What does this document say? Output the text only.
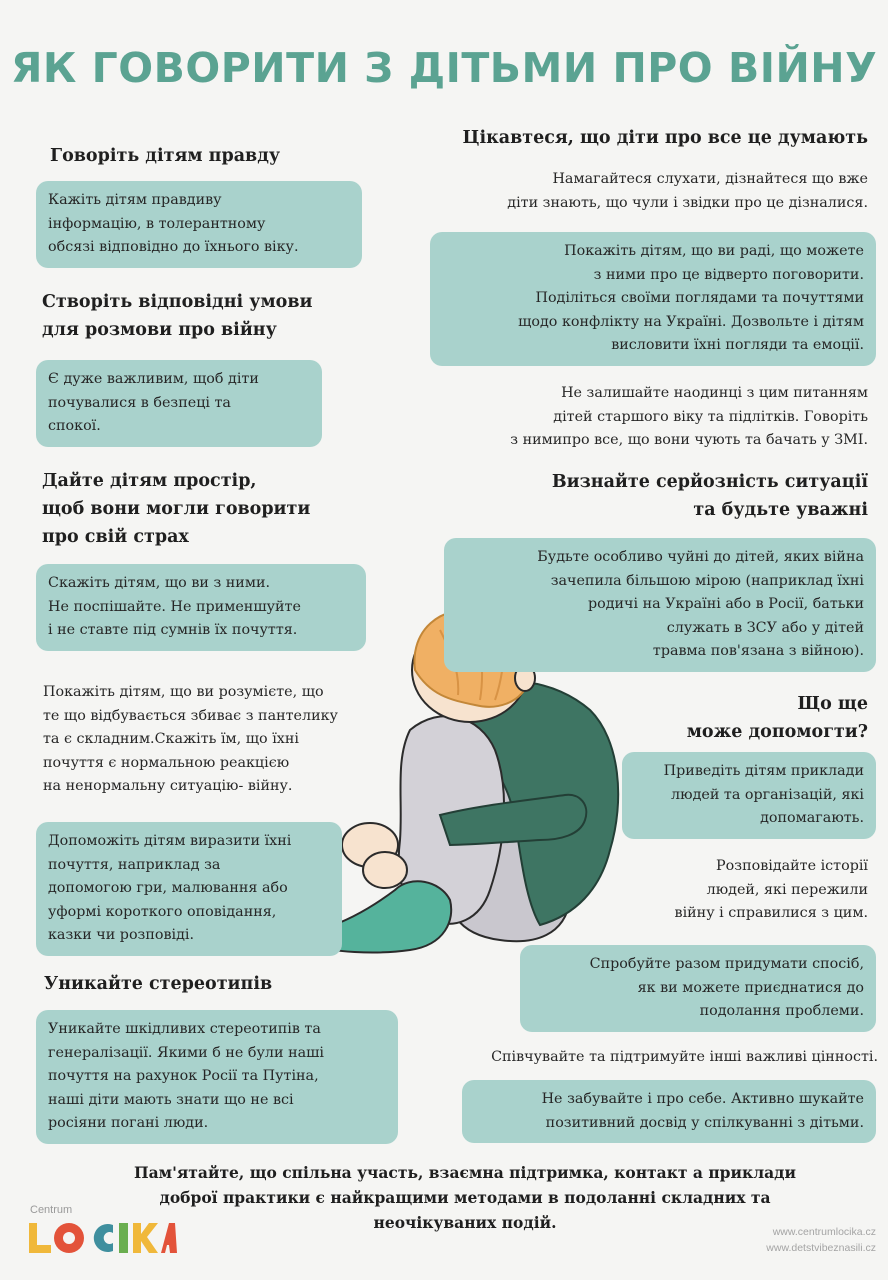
ЯК ГОВОРИТИ З ДІТЬМИ ПРО ВІЙНУ
Говоріть дітям правду
Кажіть дітям правдиву
інформацію, в толерантному
обсязі відповідно до їхнього віку.
Створіть відповідні умови
для розмови про війну
Є дуже важливим, щоб діти
почувалися в безпеці та
спокої.
Дайте дітям простір,
щоб вони могли говорити
про свій страх
Скажіть дітям, що ви з ними.
Не поспішайте. Не применшуйте
і не ставте під сумнів їх почуття.
Покажіть дітям, що ви розумієте, що
те що відбувається збиває з пантелику
та є складним.Скажіть їм, що їхні
почуття є нормальною реакцією
на ненормальну ситуацію- війну.
Допоможіть дітям виразити їхні
почуття, наприклад за
допомогою гри, малювання або
уформі короткого оповідання,
казки чи розповіді.
Уникайте стереотипів
Уникайте шкідливих стереотипів та
генералізації. Якими б не були наші
почуття на рахунок Росії та Путіна,
наші діти мають знати що не всі
росіяни погані люди.
Цікавтеся, що діти про все це думають
Намагайтеся слухати, дізнайтеся що вже
діти знають, що чули і звідки про це дізналися.
Покажіть дітям, що ви раді, що можете
з ними про це відверто поговорити.
Поділіться своїми поглядами та почуттями
щодо конфлікту на Україні. Дозвольте і дітям
висловити їхні погляди та емоції.
Не залишайте наодинці з цим питанням
дітей старшого віку та підлітків. Говоріть
з нимипро все, що вони чують та бачать у ЗМІ.
Визнайте серйозність ситуації
та будьте уважні
Будьте особливо чуйні до дітей, яких війна
зачепила більшою мірою (наприклад їхні
родичі на Україні або в Росії, батьки
служать в ЗСУ або у дітей
травма пов'язана з війною).
Що ще
може допомогти?
Приведіть дітям приклади
людей та організацій, які
допомагають.
Розповідайте історії
людей, які пережили
війну і справилися з цим.
Спробуйте разом придумати спосіб,
як ви можете приєднатися до
подолання проблеми.
Співчувайте та підтримуйте інші важливі цінності.
Не забувайте і про себе. Активно шукайте
позитивний досвід у спілкуванні з дітьми.
Пам'ятайте, що спільна участь, взаємна підтримка, контакт а приклади
доброї практики є найкращими методами в подоланні складних та
неочікуваних подій.
Centrum
www.centrumlocika.cz
www.detstvibeznasili.cz
